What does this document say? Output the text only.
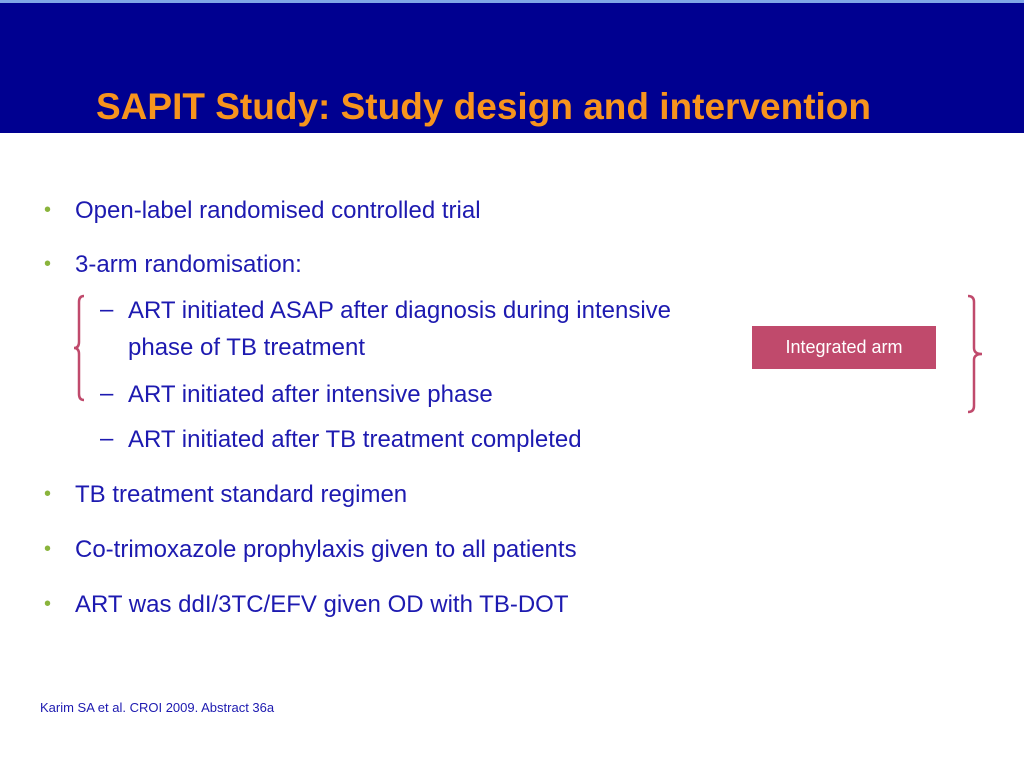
SAPIT Study: Study design and intervention
• Open-label randomised controlled trial
• 3-arm randomisation:
– ART initiated ASAP after diagnosis during intensive
phase of TB treatment
– ART initiated after intensive phase
– ART initiated after TB treatment completed
• TB treatment standard regimen
• Co-trimoxazole prophylaxis given to all patients
• ART was ddI/3TC/EFV given OD with TB-DOT
Integrated arm
Karim SA et al. CROI 2009. Abstract 36a
